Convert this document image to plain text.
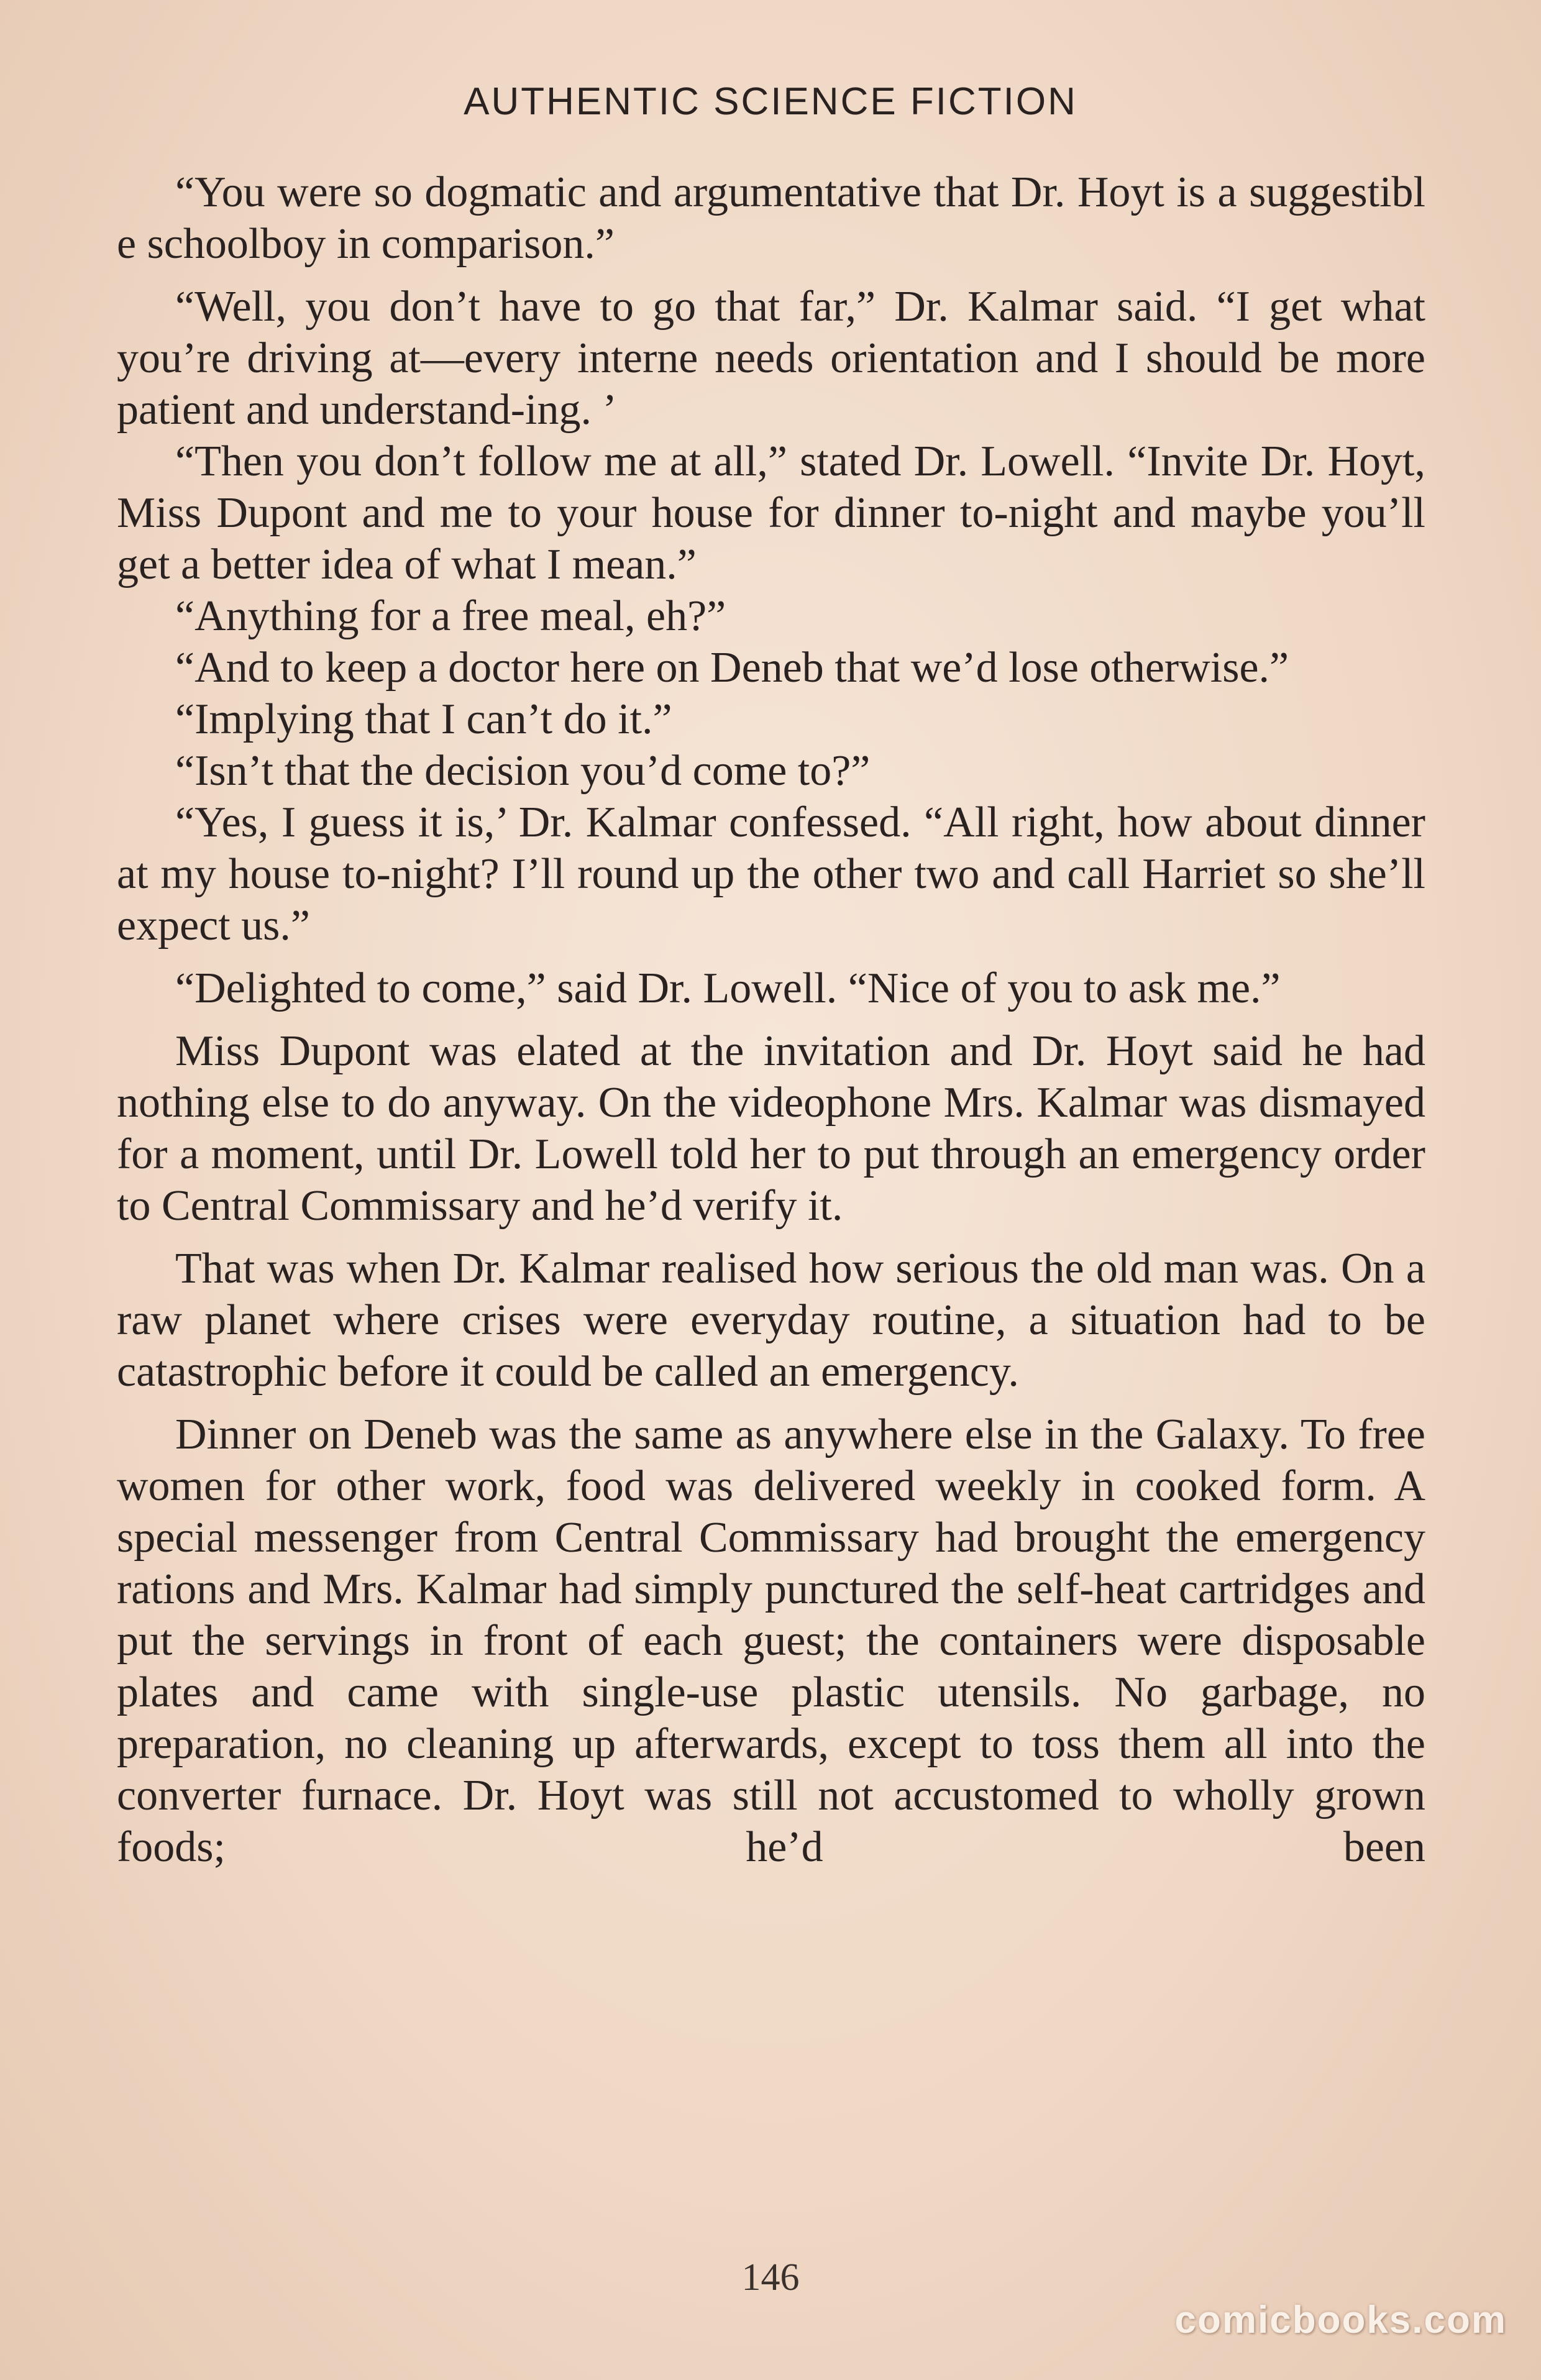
AUTHENTIC SCIENCE FICTION

“You were so dogmatic and argumentative that Dr. Hoyt is a suggestibl e schoolboy in comparison.”

“Well, you don’t have to go that far,” Dr. Kalmar said. “I get what you’re driving at—every interne needs orientation and I should be more patient and understand-ing. ’

“Then you don’t follow me at all,” stated Dr. Lowell. “Invite Dr. Hoyt, Miss Dupont and me to your house for dinner to-night and maybe you’ll get a better idea of what I mean.”

“Anything for a free meal, eh?”

“And to keep a doctor here on Deneb that we’d lose otherwise.”

“Implying that I can’t do it.”

“Isn’t that the decision you’d come to?”

“Yes, I guess it is,’ Dr. Kalmar confessed. “All right, how about dinner at my house to-night? I’ll round up the other two and call Harriet so she’ll expect us.”

“Delighted to come,” said Dr. Lowell. “Nice of you to ask me.”

Miss Dupont was elated at the invitation and Dr. Hoyt said he had nothing else to do anyway. On the videophone Mrs. Kalmar was dismayed for a moment, until Dr. Lowell told her to put through an emergency order to Central Commissary and he’d verify it.

That was when Dr. Kalmar realised how serious the old man was. On a raw planet where crises were everyday routine, a situation had to be catastrophic before it could be called an emergency.

Dinner on Deneb was the same as anywhere else in the Galaxy. To free women for other work, food was delivered weekly in cooked form. A special messenger from Central Commissary had brought the emergency rations and Mrs. Kalmar had simply punctured the self-heat cartridges and put the servings in front of each guest; the containers were disposable plates and came with single-use plastic utensils. No garbage, no preparation, no cleaning up afterwards, except to toss them all into the converter furnace. Dr. Hoyt was still not accustomed to wholly grown foods; he’d been

146
comicbooks.com
